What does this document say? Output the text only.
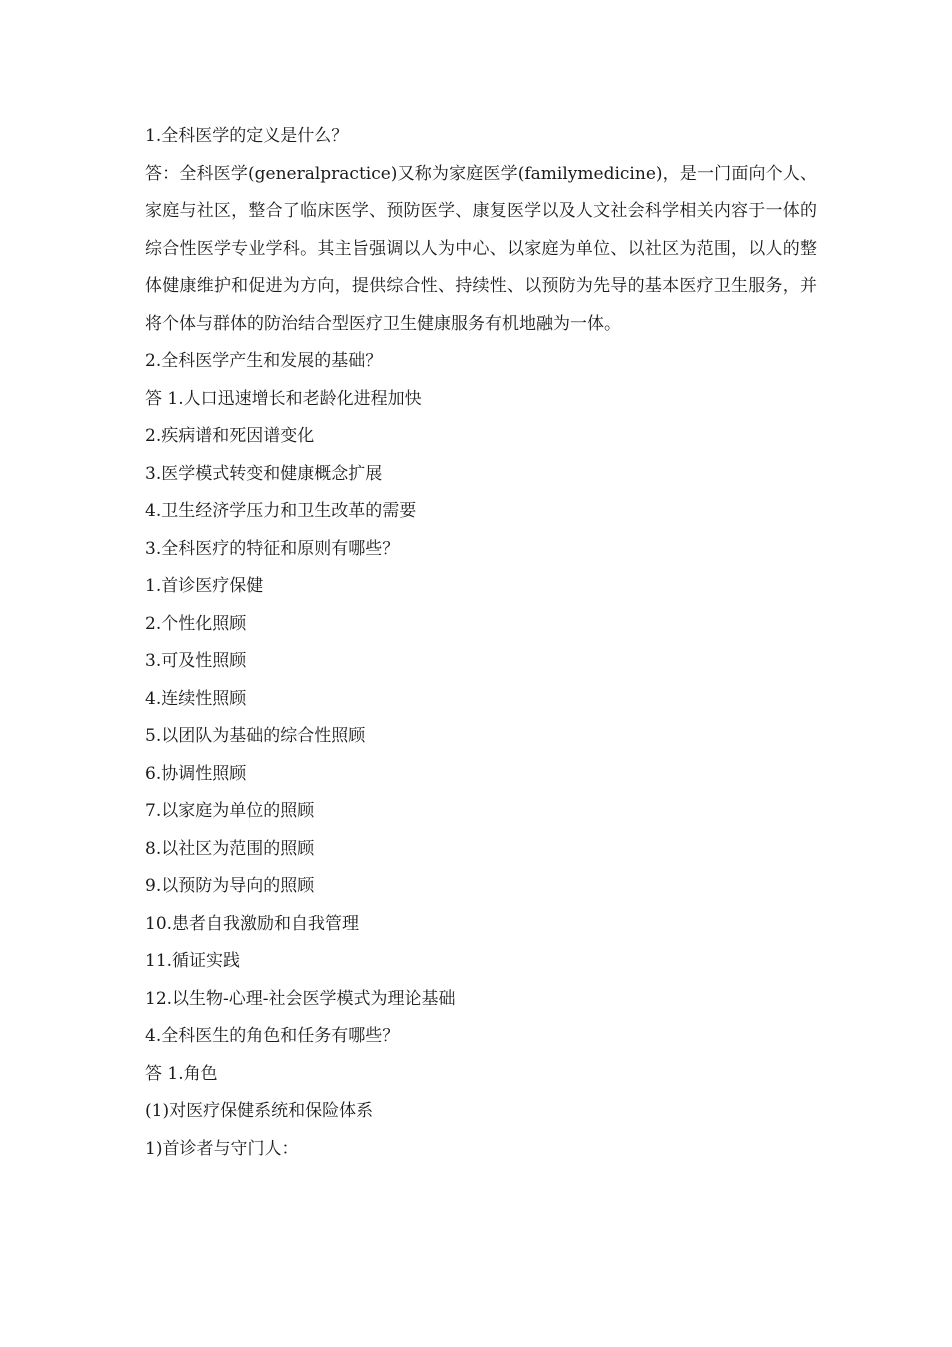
1.全科医学的定义是什么？

答：全科医学(generalpractice)又称为家庭医学(familymedicine)，是一门面向个人、家庭与社区，整合了临床医学、预防医学、康复医学以及人文社会科学相关内容于一体的综合性医学专业学科。其主旨强调以人为中心、以家庭为单位、以社区为范围，以人的整体健康维护和促进为方向，提供综合性、持续性、以预防为先导的基本医疗卫生服务，并将个体与群体的防治结合型医疗卫生健康服务有机地融为一体。

2.全科医学产生和发展的基础？

答 1.人口迅速增长和老龄化进程加快

2.疾病谱和死因谱变化

3.医学模式转变和健康概念扩展

4.卫生经济学压力和卫生改革的需要

3.全科医疗的特征和原则有哪些？

1.首诊医疗保健

2.个性化照顾

3.可及性照顾

4.连续性照顾

5.以团队为基础的综合性照顾

6.协调性照顾

7.以家庭为单位的照顾

8.以社区为范围的照顾

9.以预防为导向的照顾

10.患者自我激励和自我管理

11.循证实践

12.以生物-心理-社会医学模式为理论基础

4.全科医生的角色和任务有哪些？

答 1.角色

(1)对医疗保健系统和保险体系

1)首诊者与守门人：
